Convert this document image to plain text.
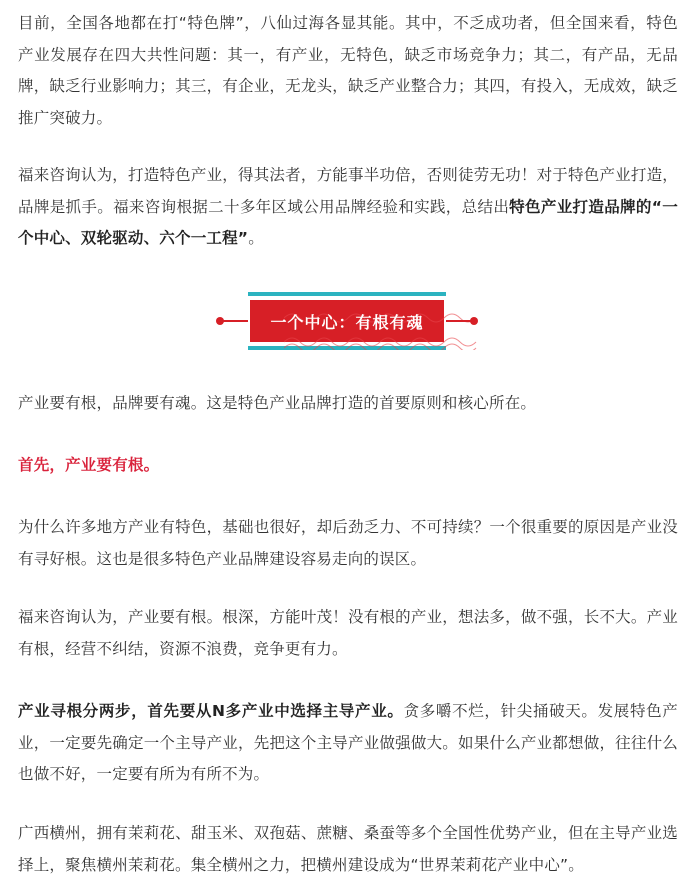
目前，全国各地都在打“特色牌”，八仙过海各显其能。其中，不乏成功者，但全国来看，特色产业发展存在四大共性问题：其一，有产业，无特色，缺乏市场竞争力；其二，有产品，无品牌，缺乏行业影响力；其三，有企业，无龙头，缺乏产业整合力；其四，有投入，无成效，缺乏推广突破力。

福来咨询认为，打造特色产业，得其法者，方能事半功倍，否则徒劳无功！对于特色产业打造，品牌是抓手。福来咨询根据二十多年区域公用品牌经验和实践，总结出特色产业打造品牌的“一个中心、双轮驱动、六个一工程”。

一个中心：有根有魂

产业要有根，品牌要有魂。这是特色产业品牌打造的首要原则和核心所在。

首先，产业要有根。

为什么许多地方产业有特色，基础也很好，却后劲乏力、不可持续？一个很重要的原因是产业没有寻好根。这也是很多特色产业品牌建设容易走向的误区。

福来咨询认为，产业要有根。根深，方能叶茂！没有根的产业，想法多，做不强，长不大。产业有根，经营不纠结，资源不浪费，竞争更有力。

产业寻根分两步，首先要从N多产业中选择主导产业。贪多嚼不烂，针尖捅破天。发展特色产业，一定要先确定一个主导产业，先把这个主导产业做强做大。如果什么产业都想做，往往什么也做不好，一定要有所为有所不为。

广西横州，拥有茉莉花、甜玉米、双孢菇、蔗糖、桑蚕等多个全国性优势产业，但在主导产业选择上，聚焦横州茉莉花。集全横州之力，把横州建设成为“世界茉莉花产业中心”。
